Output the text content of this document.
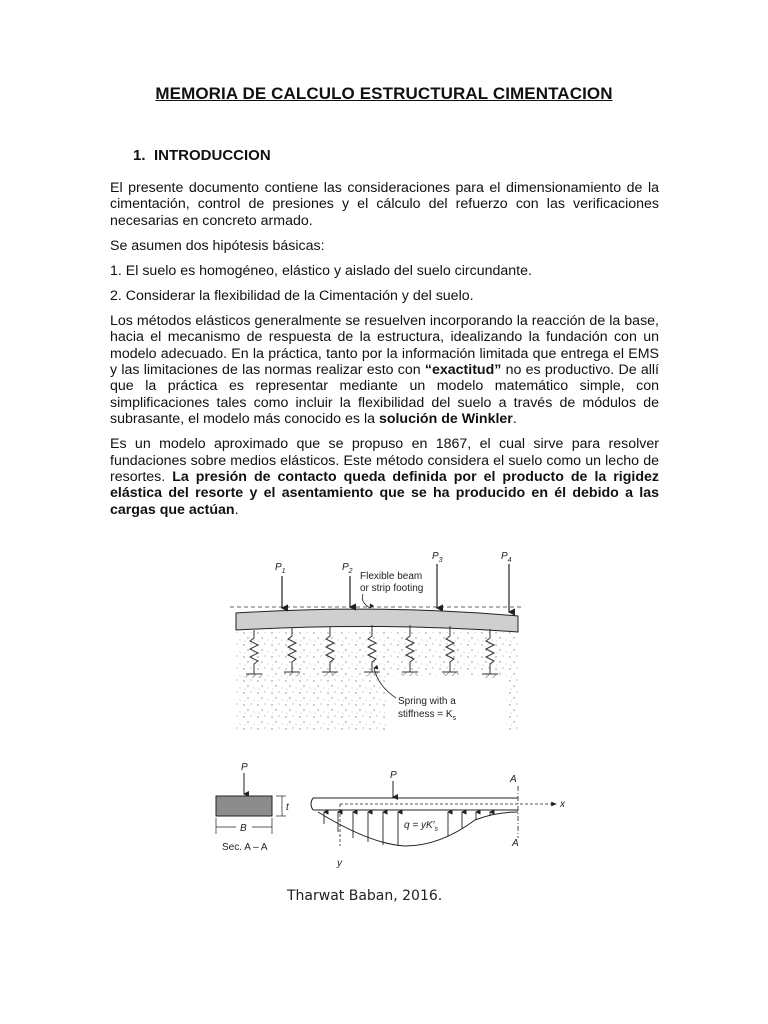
MEMORIA DE CALCULO ESTRUCTURAL CIMENTACION
1. INTRODUCCION

El presente documento contiene las consideraciones para el dimensionamiento de la cimentación, control de presiones y el cálculo del refuerzo con las verificaciones necesarias en concreto armado.

Se asumen dos hipótesis básicas:

1. El suelo es homogéneo, elástico y aislado del suelo circundante.

2. Considerar la flexibilidad de la Cimentación y del suelo.

Los métodos elásticos generalmente se resuelven incorporando la reacción de la base, hacia el mecanismo de respuesta de la estructura, idealizando la fundación con un modelo adecuado. En la práctica, tanto por la información limitada que entrega el EMS y las limitaciones de las normas realizar esto con “exactitud” no es productivo. De allí que la práctica es representar mediante un modelo matemático simple, con simplificaciones tales como incluir la flexibilidad del suelo a través de módulos de subrasante, el modelo más conocido es la solución de Winkler.

Es un modelo aproximado que se propuso en 1867, el cual sirve para resolver fundaciones sobre medios elásticos. Este método considera el suelo como un lecho de resortes. La presión de contacto queda definida por el producto de la rigidez elástica del resorte y el asentamiento que se ha producido en él debido a las cargas que actúan.

$P_1$	$P_2$
$P_3$	$P_4$
Flexible beam
or strip footing
Spring with a
stiffness = $K_s$
P
t
B
Sec. A – A
x
y
A
A
P
$q = yK'_s$
Tharwat Baban, 2016.
